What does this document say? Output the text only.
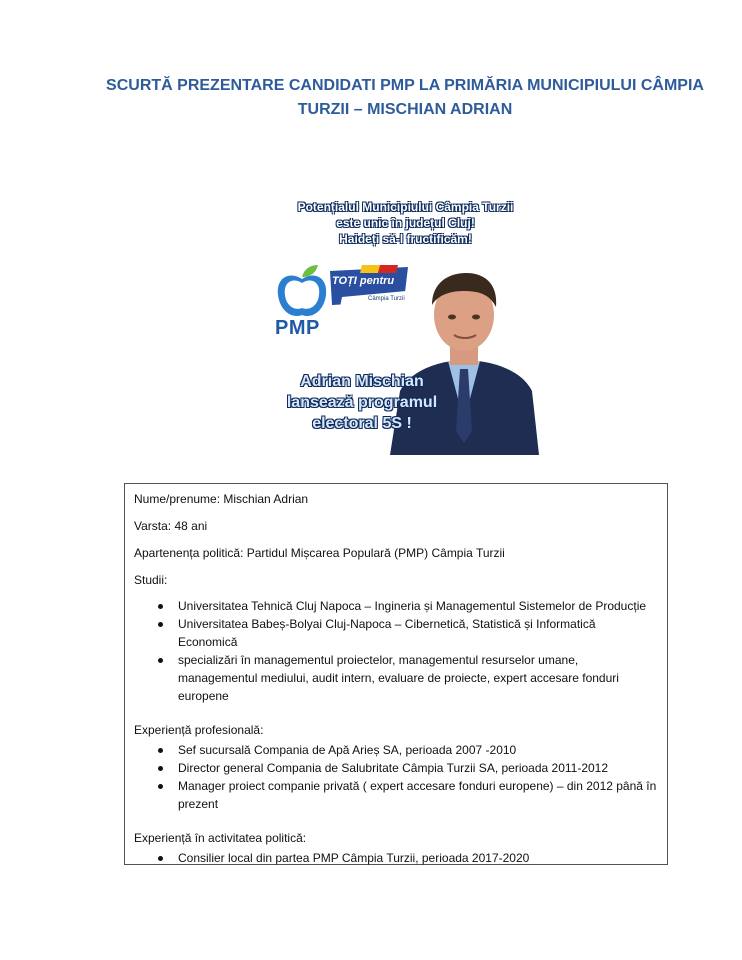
SCURTĂ PREZENTARE CANDIDATI PMP LA PRIMĂRIA MUNICIPIULUI CÂMPIA
TURZII – MISCHIAN ADRIAN
Potențialul Municipiului Câmpia Turzii
este unic în județul Cluj!
Haideți să-l fructificăm!
PMP
TOȚI pentru
Câmpia Turzii
Adrian Mischian
lansează programul
electoral 5S !
Nume/prenume: Mischian Adrian
Varsta: 48 ani
Apartenența politică: Partidul Mișcarea Populară (PMP) Câmpia Turzii
Studii:
Universitatea Tehnică Cluj Napoca – Ingineria și Managementul Sistemelor de Producție
Universitatea Babeș-Bolyai Cluj-Napoca – Cibernetică, Statistică și Informatică Economică
specializări în managementul proiectelor, managementul resurselor umane, managementul mediului, audit intern, evaluare de proiecte, expert accesare fonduri europene
Experiență profesională:
Sef sucursală Compania de Apă Arieș SA, perioada 2007 -2010
Director general Compania de Salubritate Câmpia Turzii SA, perioada 2011-2012
Manager proiect companie privată ( expert accesare fonduri europene) – din 2012 până în prezent
Experiență în activitatea politică:
Consilier local din partea PMP Câmpia Turzii, perioada 2017-2020
